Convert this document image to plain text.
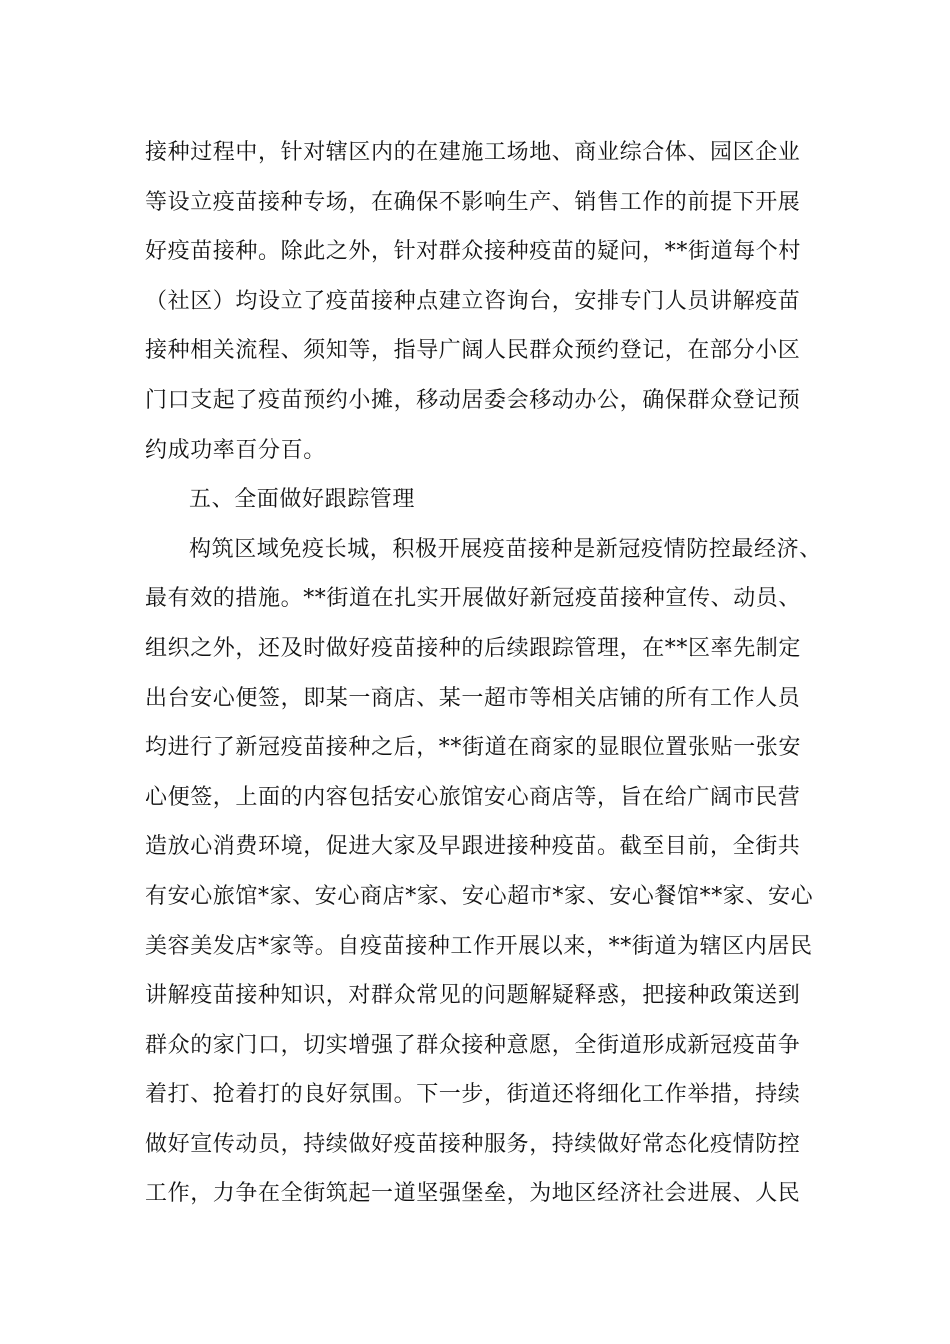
接种过程中，针对辖区内的在建施工场地、商业综合体、园区企业
等设立疫苗接种专场，在确保不影响生产、销售工作的前提下开展
好疫苗接种。除此之外，针对群众接种疫苗的疑问，**街道每个村
（社区）均设立了疫苗接种点建立咨询台，安排专门人员讲解疫苗
接种相关流程、须知等，指导广阔人民群众预约登记，在部分小区
门口支起了疫苗预约小摊，移动居委会移动办公，确保群众登记预
约成功率百分百。
五、全面做好跟踪管理
构筑区域免疫长城，积极开展疫苗接种是新冠疫情防控最经济、
最有效的措施。**街道在扎实开展做好新冠疫苗接种宣传、动员、
组织之外，还及时做好疫苗接种的后续跟踪管理，在**区率先制定
出台安心便签，即某一商店、某一超市等相关店铺的所有工作人员
均进行了新冠疫苗接种之后，**街道在商家的显眼位置张贴一张安
心便签，上面的内容包括安心旅馆安心商店等，旨在给广阔市民营
造放心消费环境，促进大家及早跟进接种疫苗。截至目前，全街共
有安心旅馆*家、安心商店*家、安心超市*家、安心餐馆**家、安心
美容美发店*家等。自疫苗接种工作开展以来，**街道为辖区内居民
讲解疫苗接种知识，对群众常见的问题解疑释惑，把接种政策送到
群众的家门口，切实增强了群众接种意愿，全街道形成新冠疫苗争
着打、抢着打的良好氛围。下一步，街道还将细化工作举措，持续
做好宣传动员，持续做好疫苗接种服务，持续做好常态化疫情防控
工作，力争在全街筑起一道坚强堡垒，为地区经济社会进展、人民
